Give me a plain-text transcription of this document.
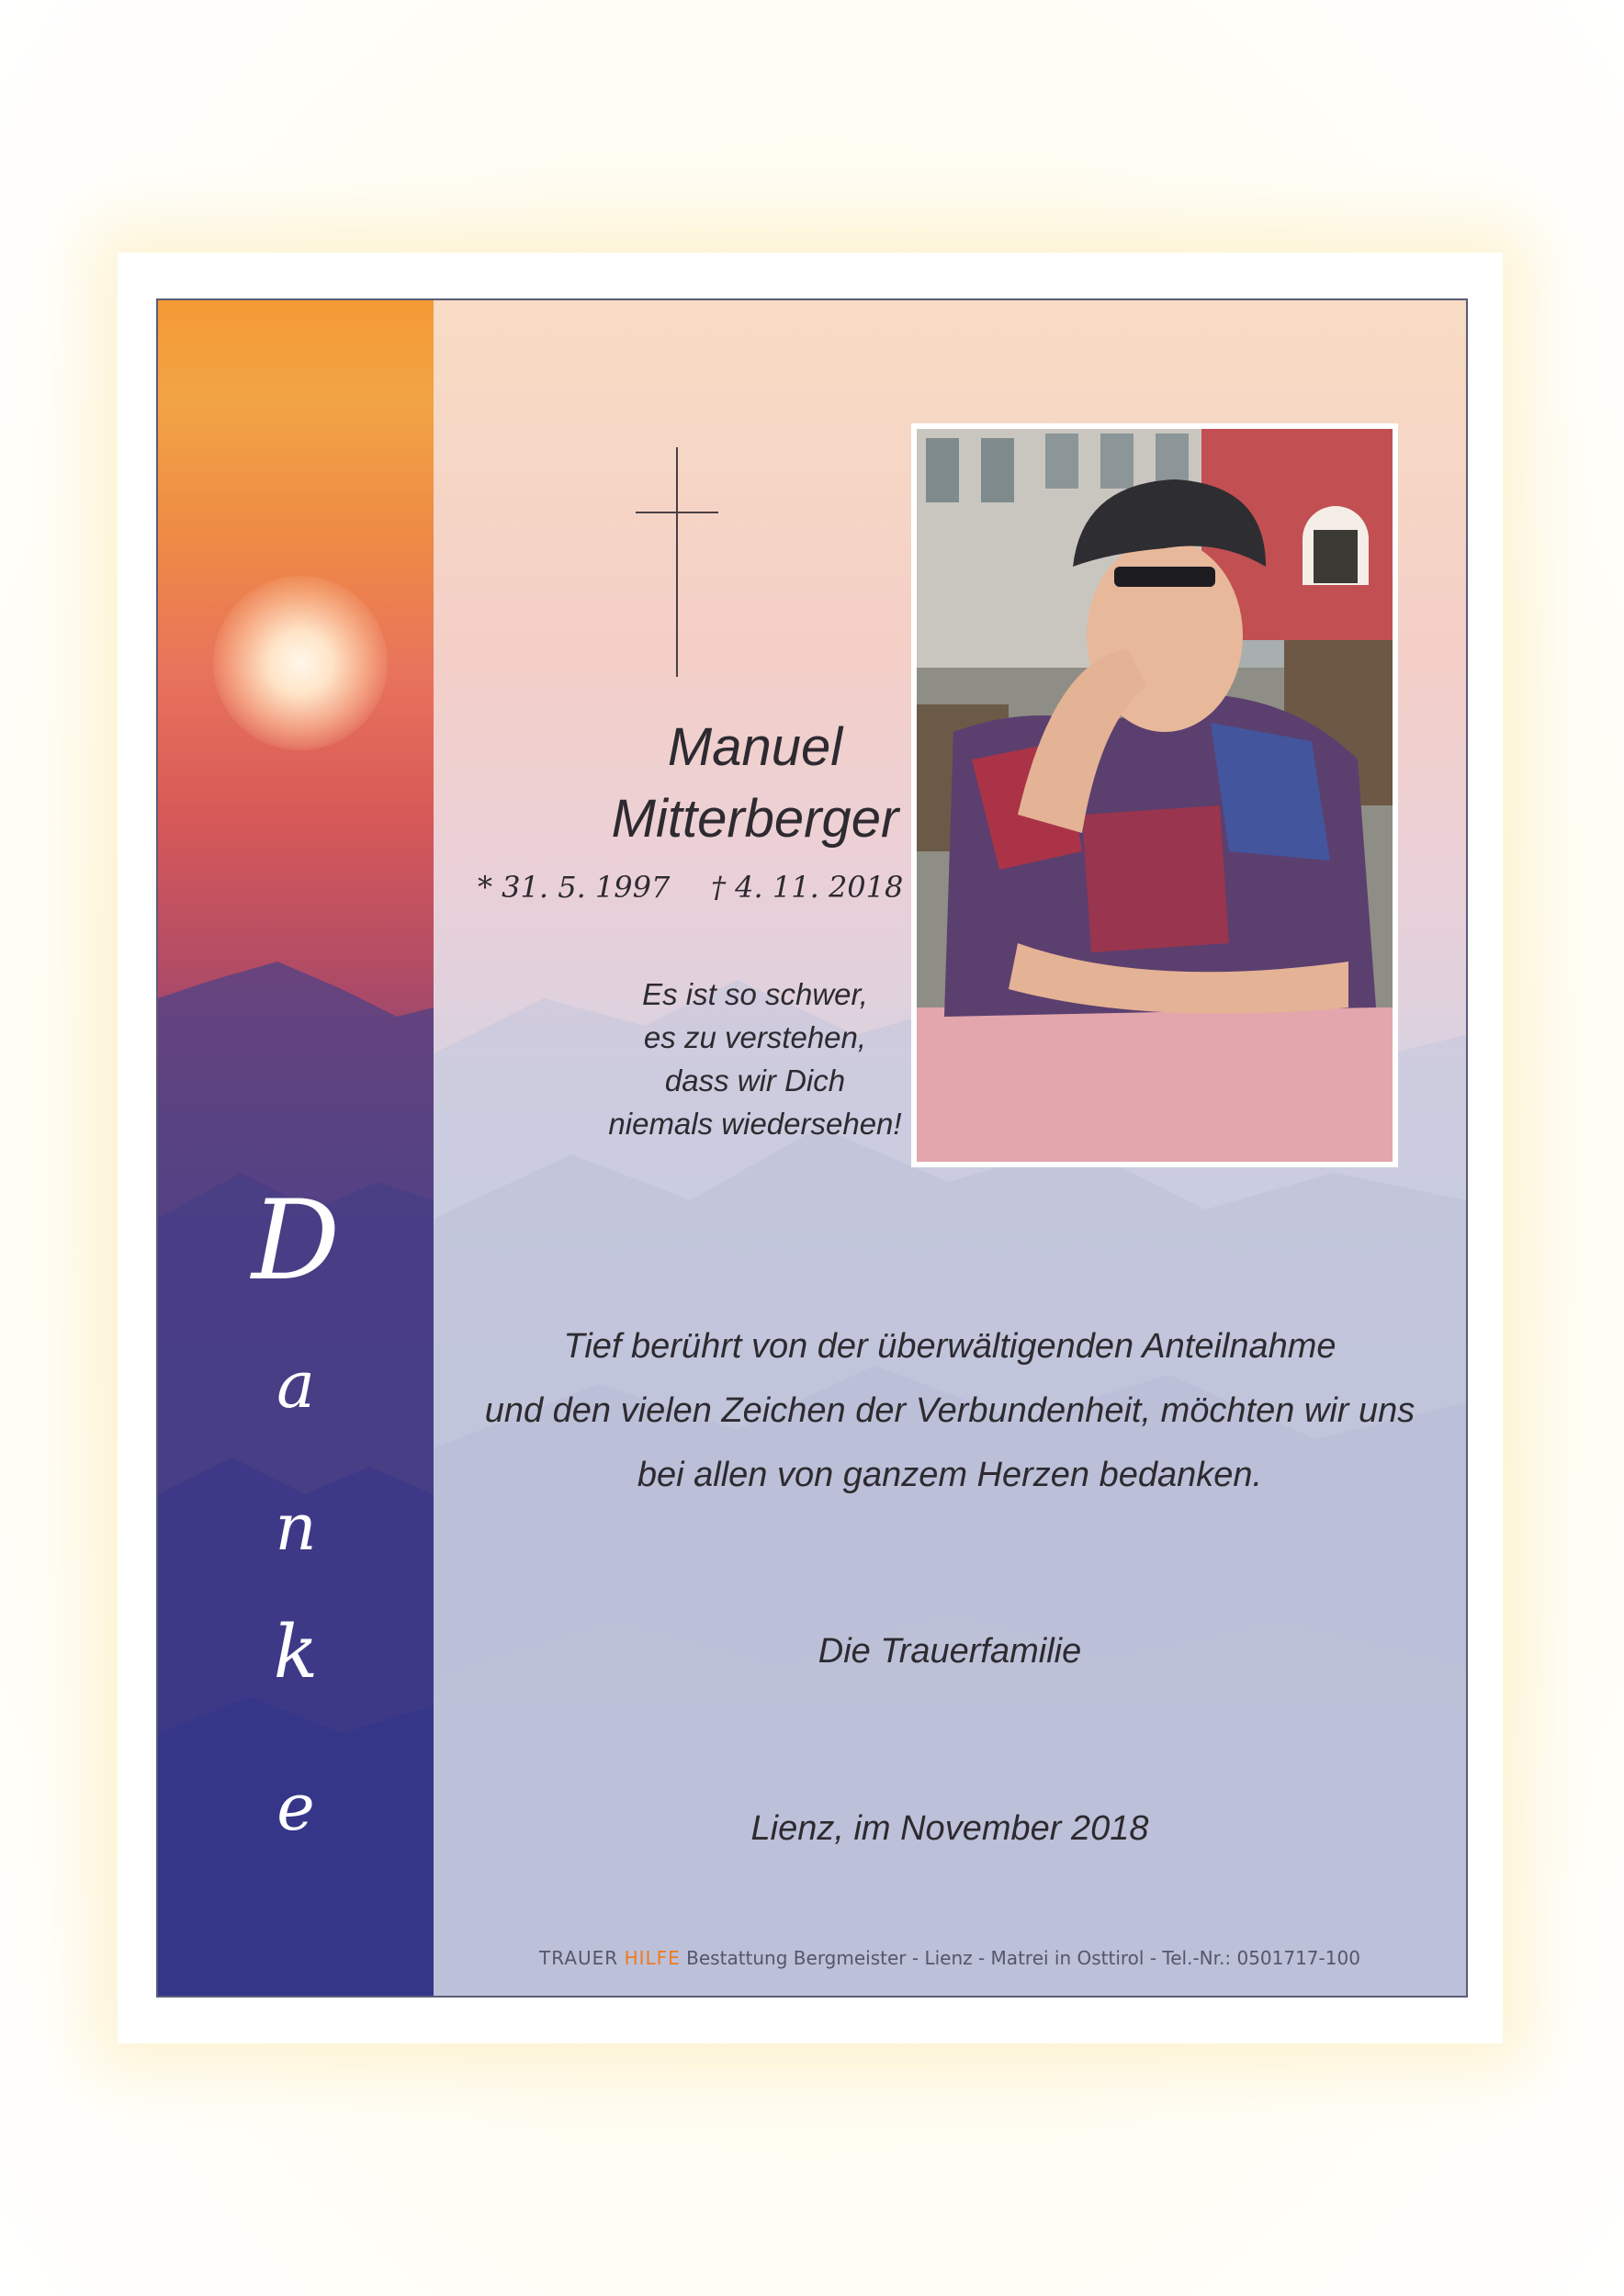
D
a
n
k
e
Manuel
Mitterberger
* 31. 5. 1997 † 4. 11. 2018
Es ist so schwer,
es zu verstehen,
dass wir Dich
niemals wiedersehen!
Tief berührt von der überwältigenden Anteilnahme
und den vielen Zeichen der Verbundenheit, möchten wir uns
bei allen von ganzem Herzen bedanken.
Die Trauerfamilie
Lienz, im November 2018
TRAUER HILFE Bestattung Bergmeister - Lienz - Matrei in Osttirol - Tel.-Nr.: 0501717-100
